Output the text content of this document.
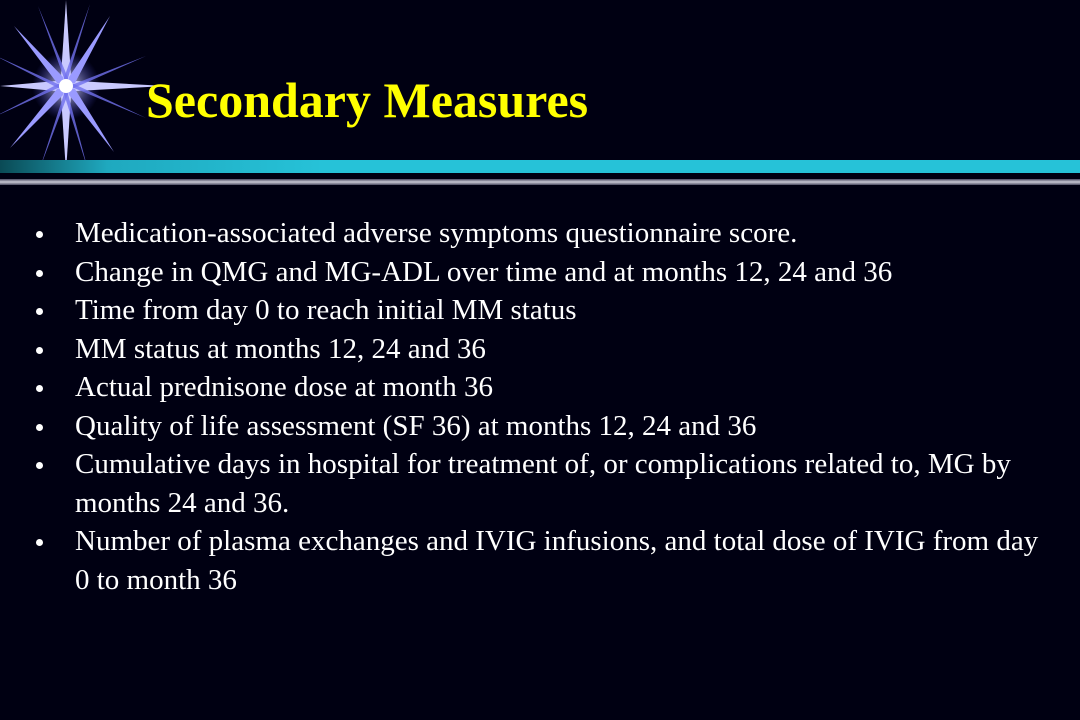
Secondary Measures
Medication-associated adverse symptoms questionnaire score.
Change in QMG and MG-ADL over time and at months 12, 24 and 36
Time from day 0 to reach initial MM status
MM status at months 12, 24 and 36
Actual prednisone dose at month 36
Quality of life assessment (SF 36) at months 12, 24 and 36
Cumulative days in hospital for treatment of, or complications related to, MG by months 24 and 36.
Number of plasma exchanges and IVIG infusions, and total dose of IVIG from day 0 to month 36
